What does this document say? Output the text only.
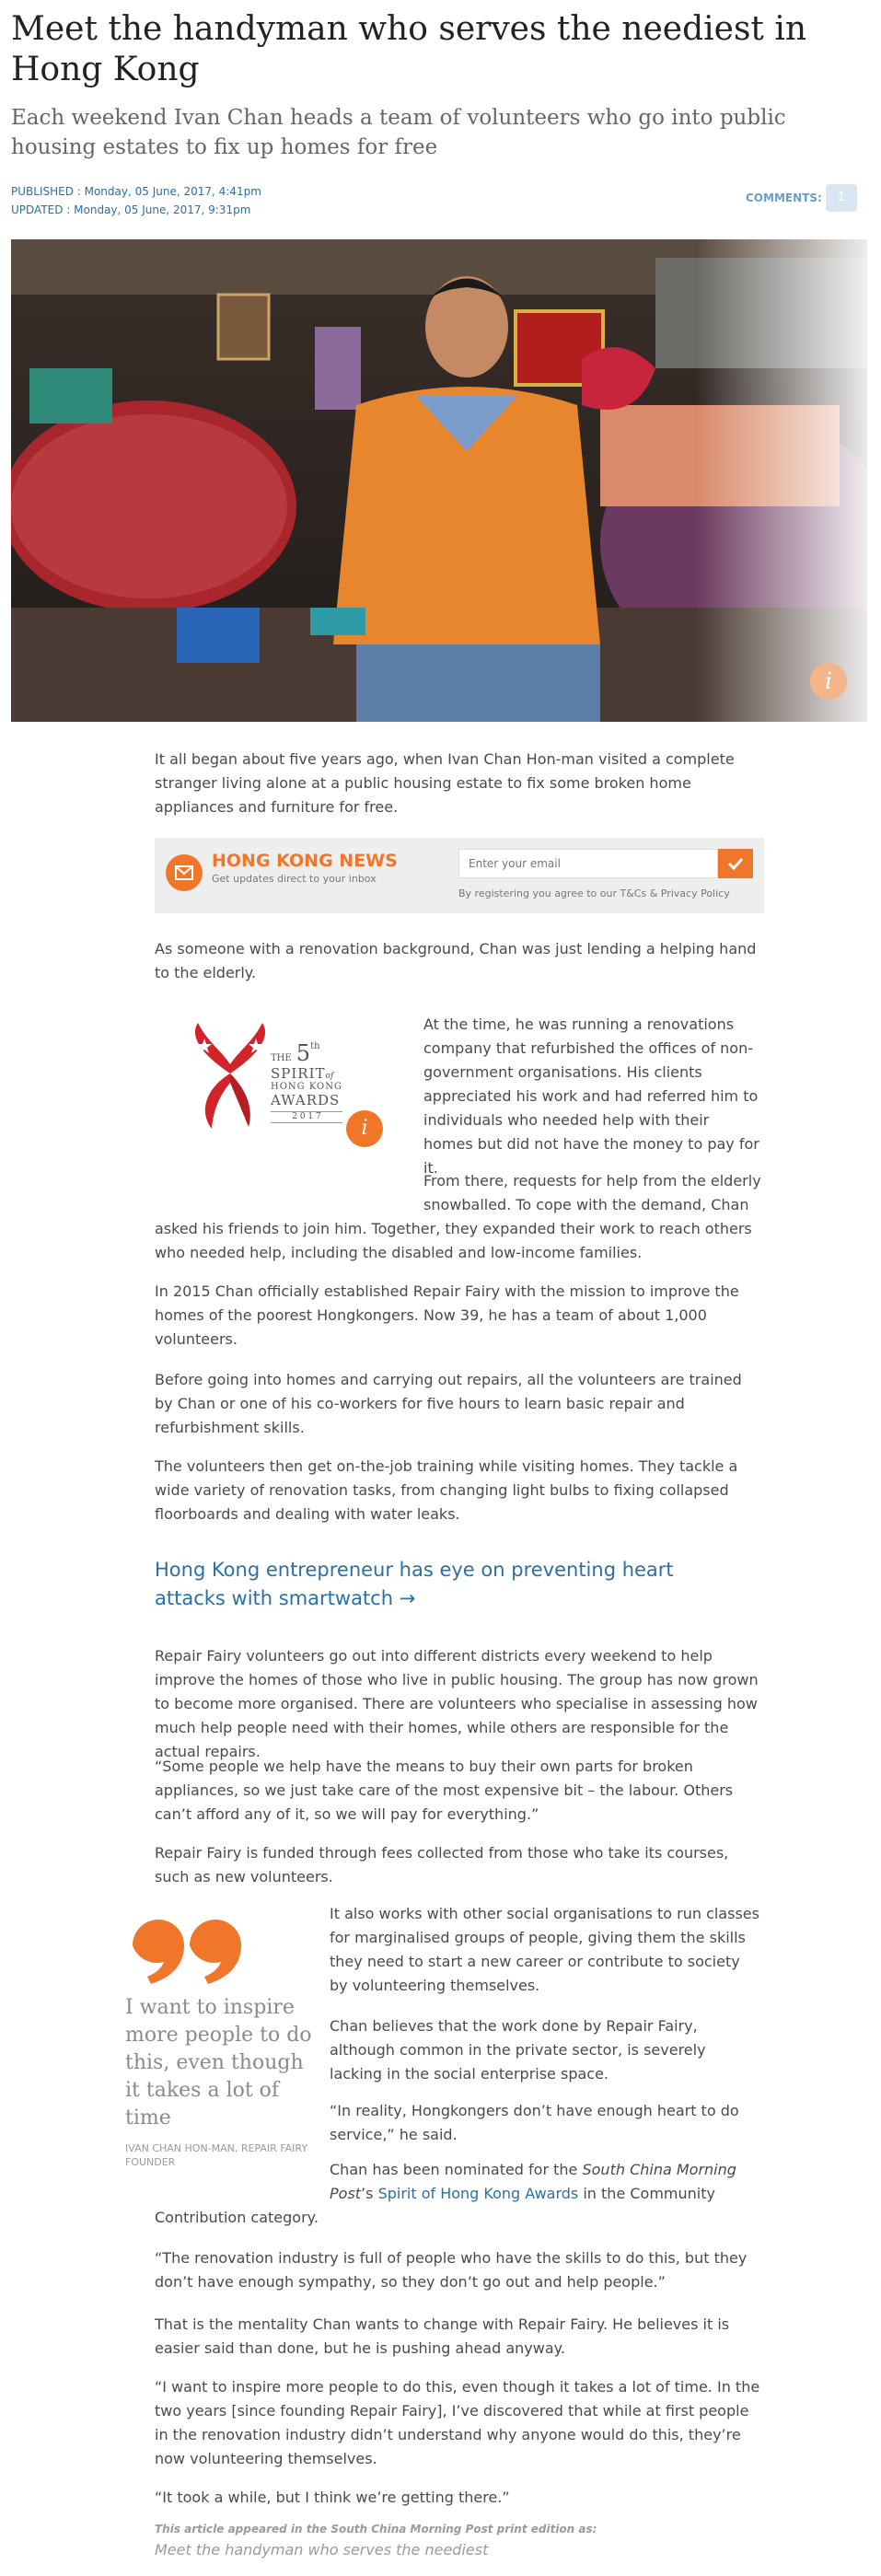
Meet the handyman who serves the neediest in Hong Kong
Each weekend Ivan Chan heads a team of volunteers who go into public housing estates to fix up homes for free
PUBLISHED : Monday, 05 June, 2017, 4:41pm
UPDATED : Monday, 05 June, 2017, 9:31pm
COMMENTS:	1
i
It all began about five years ago, when Ivan Chan Hon-man visited a complete stranger living alone at a public housing estate to fix some broken home appliances and furniture for free.
HONG KONG NEWS
Get updates direct to your inbox
Enter your email
By registering you agree to our T&Cs & Privacy Policy
As someone with a renovation background, Chan was just lending a helping hand to the elderly.
THE 5th
SPIRITof
HONG KONG
AWARDS
2 0 1 7	i
At the time, he was running a renovations company that refurbished the offices of non-government organisations. His clients appreciated his work and had referred him to individuals who needed help with their homes but did not have the money to pay for it.
From there, requests for help from the elderly snowballed. To cope with the demand, Chan
asked his friends to join him. Together, they expanded their work to reach others who needed help, including the disabled and low-income families.
In 2015 Chan officially established Repair Fairy with the mission to improve the homes of the poorest Hongkongers. Now 39, he has a team of about 1,000 volunteers.
Before going into homes and carrying out repairs, all the volunteers are trained by Chan or one of his co-workers for five hours to learn basic repair and refurbishment skills.
The volunteers then get on-the-job training while visiting homes. They tackle a wide variety of renovation tasks, from changing light bulbs to fixing collapsed floorboards and dealing with water leaks.
Hong Kong entrepreneur has eye on preventing heart attacks with smartwatch →
Repair Fairy volunteers go out into different districts every weekend to help improve the homes of those who live in public housing. The group has now grown to become more organised. There are volunteers who specialise in assessing how much help people need with their homes, while others are responsible for the actual repairs.
“Some people we help have the means to buy their own parts for broken appliances, so we just take care of the most expensive bit – the labour. Others can’t afford any of it, so we will pay for everything.”
Repair Fairy is funded through fees collected from those who take its courses, such as new volunteers.
I want to inspire more people to do this, even though it takes a lot of time
IVAN CHAN HON-MAN, REPAIR FAIRY FOUNDER
It also works with other social organisations to run classes for marginalised groups of people, giving them the skills they need to start a new career or contribute to society by volunteering themselves.
Chan believes that the work done by Repair Fairy, although common in the private sector, is severely lacking in the social enterprise space.
“In reality, Hongkongers don’t have enough heart to do service,” he said.
Chan has been nominated for the South China Morning Post’s Spirit of Hong Kong Awards in the Community
Contribution category.
“The renovation industry is full of people who have the skills to do this, but they don’t have enough sympathy, so they don’t go out and help people.”
That is the mentality Chan wants to change with Repair Fairy. He believes it is easier said than done, but he is pushing ahead anyway.
“I want to inspire more people to do this, even though it takes a lot of time. In the two years [since founding Repair Fairy], I’ve discovered that while at first people in the renovation industry didn’t understand why anyone would do this, they’re now volunteering themselves.
“It took a while, but I think we’re getting there.”
This article appeared in the South China Morning Post print edition as:
Meet the handyman who serves the neediest
